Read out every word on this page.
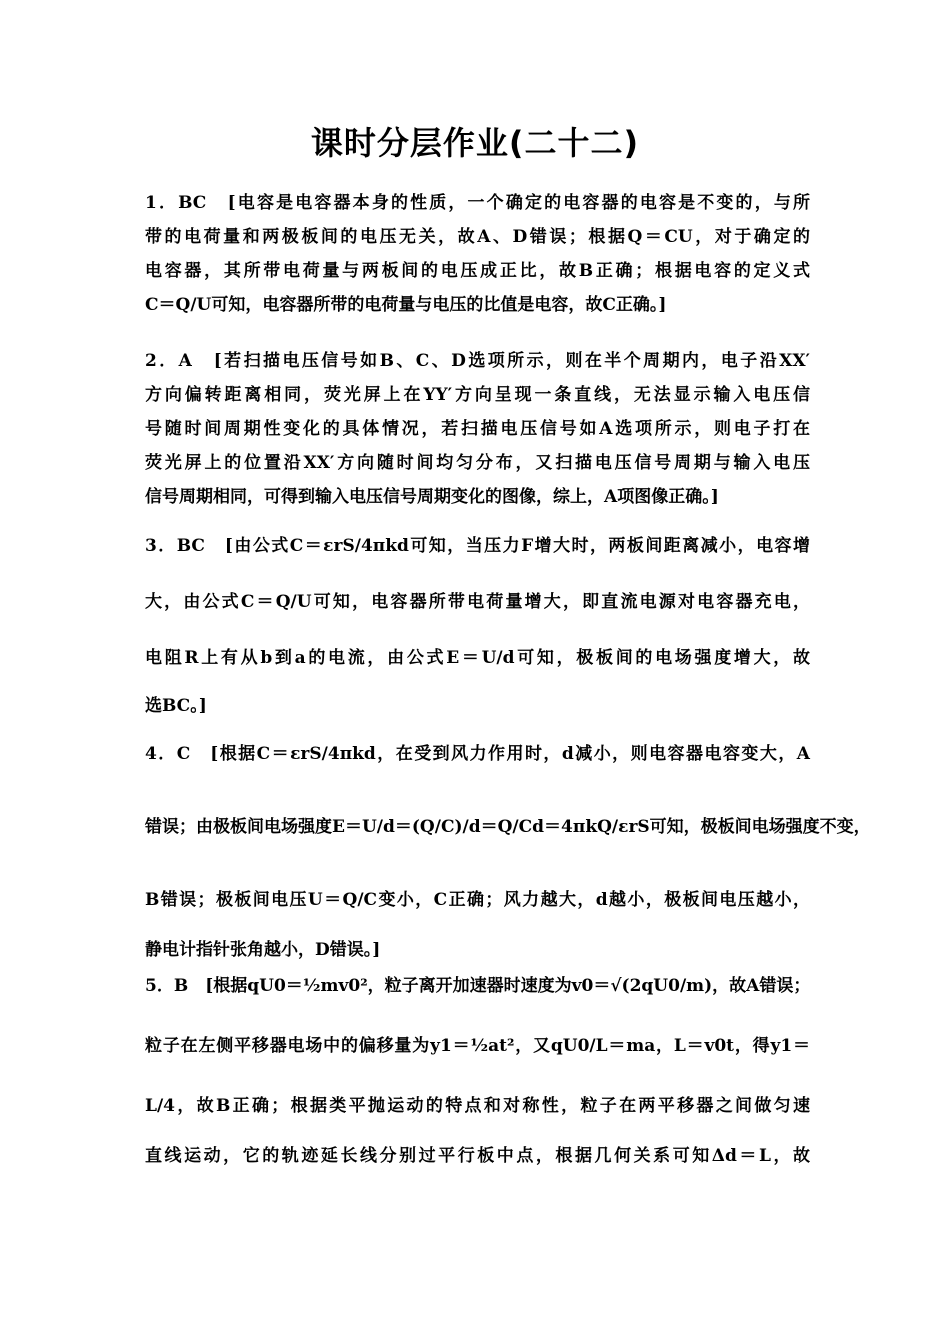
课时分层作业(二十二)
1．BC　[电容是电容器本身的性质，一个确定的电容器的电容是不变的，与所
带的电荷量和两极板间的电压无关，故A、D错误；根据Q＝CU，对于确定的
电容器，其所带电荷量与两板间的电压成正比，故B正确；根据电容的定义式
C＝Q/U可知，电容器所带的电荷量与电压的比值是电容，故C正确。]
2．A　[若扫描电压信号如B、C、D选项所示，则在半个周期内，电子沿XX′
方向偏转距离相同，荧光屏上在YY′方向呈现一条直线，无法显示输入电压信
号随时间周期性变化的具体情况，若扫描电压信号如A选项所示，则电子打在
荧光屏上的位置沿XX′方向随时间均匀分布，又扫描电压信号周期与输入电压
信号周期相同，可得到输入电压信号周期变化的图像，综上，A项图像正确。]
3．BC　[由公式C＝εrS/4πkd可知，当压力F增大时，两板间距离减小，电容增
大，由公式C＝Q/U可知，电容器所带电荷量增大，即直流电源对电容器充电，
电阻R上有从b到a的电流，由公式E＝U/d可知，极板间的电场强度增大，故
选BC。]
4．C　[根据C＝εrS/4πkd，在受到风力作用时，d减小，则电容器电容变大，A
错误；由极板间电场强度E＝U/d＝(Q/C)/d＝Q/Cd＝4πkQ/εrS可知，极板间电场强度不变，
B错误；极板间电压U＝Q/C变小，C正确；风力越大，d越小，极板间电压越小，
静电计指针张角越小，D错误。]
5．B　[根据qU0＝½mv0²，粒子离开加速器时速度为v0＝√(2qU0/m)，故A错误；
粒子在左侧平移器电场中的偏移量为y1＝½at²，又qU0/L＝ma，L＝v0t，得y1＝
L/4，故B正确；根据类平抛运动的特点和对称性，粒子在两平移器之间做匀速
直线运动，它的轨迹延长线分别过平行板中点，根据几何关系可知Δd＝L，故
